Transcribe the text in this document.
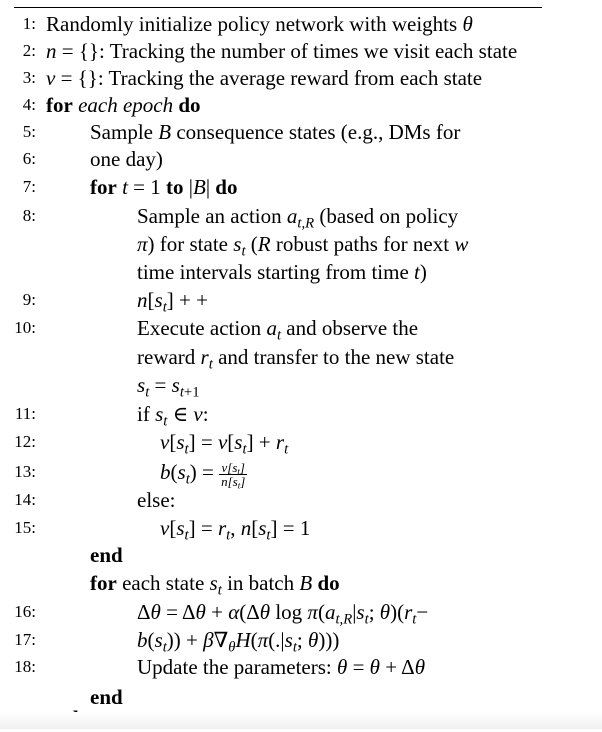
1: Randomly initialize policy network with weights θ
2: n = {}: Tracking the number of times we visit each state
3: v = {}: Tracking the average reward from each state
4: for each epoch do
5:	Sample B consequence states (e.g., DMs for
6:	one day)
7:	for t = 1 to |B| do
8:	Sample an action $a_{t,R}$ (based on policy
π) for state $s_t$ (R robust paths for next w
time intervals starting from time t)
9:	$n[s_t]$ + +
10:	Execute action $a_t$ and observe the
reward $r_t$ and transfer to the new state
$s_t = s_{t+1}$
11:	if $s_t$ ∈ v:
12:	$v[s_t] = v[s_t] + r_t$
13:	$b(s_t) = \frac{v[s_t]}{n[s_t]}$
14:	else:
15:	$v[s_t] = r_t$, $n[s_t] = 1$
end
for each state $s_t$ in batch B do
16:	Δθ = Δθ + α(Δθ $\log \pi(a_{t,R}|s_t$; $\theta)(r_t-$
17:	$b(s_t)) + \beta\nabla_\theta H(\pi(.|s_t$; θ)))
18:	Update the parameters: θ = θ + Δθ
end
